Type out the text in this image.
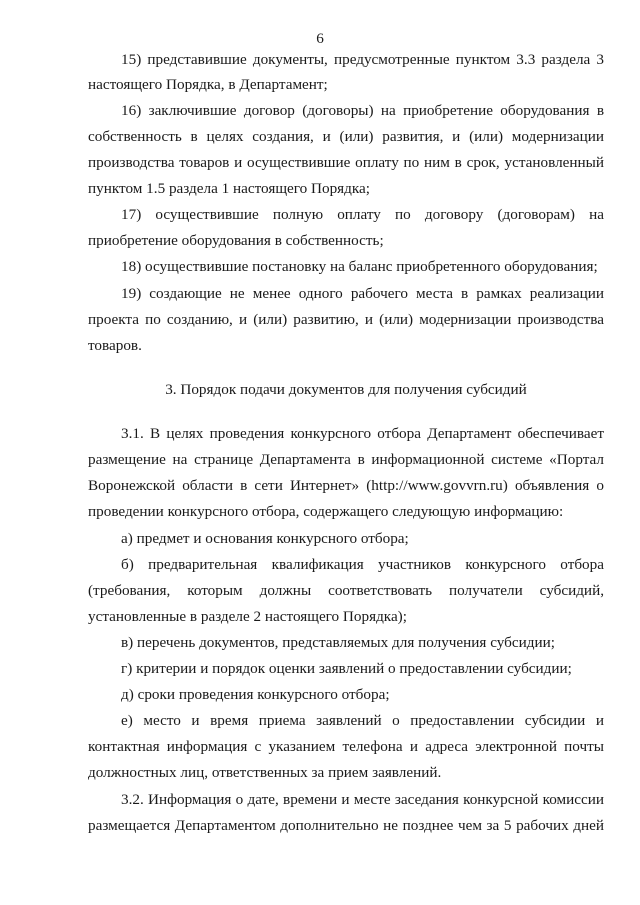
6
15) представившие документы, предусмотренные пунктом 3.3 раздела 3
настоящего Порядка, в Департамент;
16) заключившие договор (договоры) на приобретение оборудования в
собственность в целях создания, и (или) развития, и (или) модернизации
производства товаров и осуществившие оплату по ним в срок, установленный
пунктом 1.5 раздела 1 настоящего Порядка;
17) осуществившие полную оплату по договору (договорам) на
приобретение оборудования в собственность;
18) осуществившие постановку на баланс приобретенного оборудования;
19) создающие не менее одного рабочего места в рамках реализации
проекта по созданию, и (или) развитию, и (или) модернизации производства
товаров.
3. Порядок подачи документов для получения субсидий
3.1. В целях проведения конкурсного отбора Департамент обеспечивает
размещение на странице Департамента в информационной системе «Портал
Воронежской области в сети Интернет» (http://www.govvrn.ru) объявления о
проведении конкурсного отбора, содержащего следующую информацию:
а) предмет и основания конкурсного отбора;
б) предварительная квалификация участников конкурсного отбора
(требования, которым должны соответствовать получатели субсидий,
установленные в разделе 2 настоящего Порядка);
в) перечень документов, представляемых для получения субсидии;
г) критерии и порядок оценки заявлений о предоставлении субсидии;
д) сроки проведения конкурсного отбора;
е) место и время приема заявлений о предоставлении субсидии и
контактная информация с указанием телефона и адреса электронной почты
должностных лиц, ответственных за прием заявлений.
3.2. Информация о дате, времени и месте заседания конкурсной комиссии
размещается Департаментом дополнительно не позднее чем за 5 рабочих дней
